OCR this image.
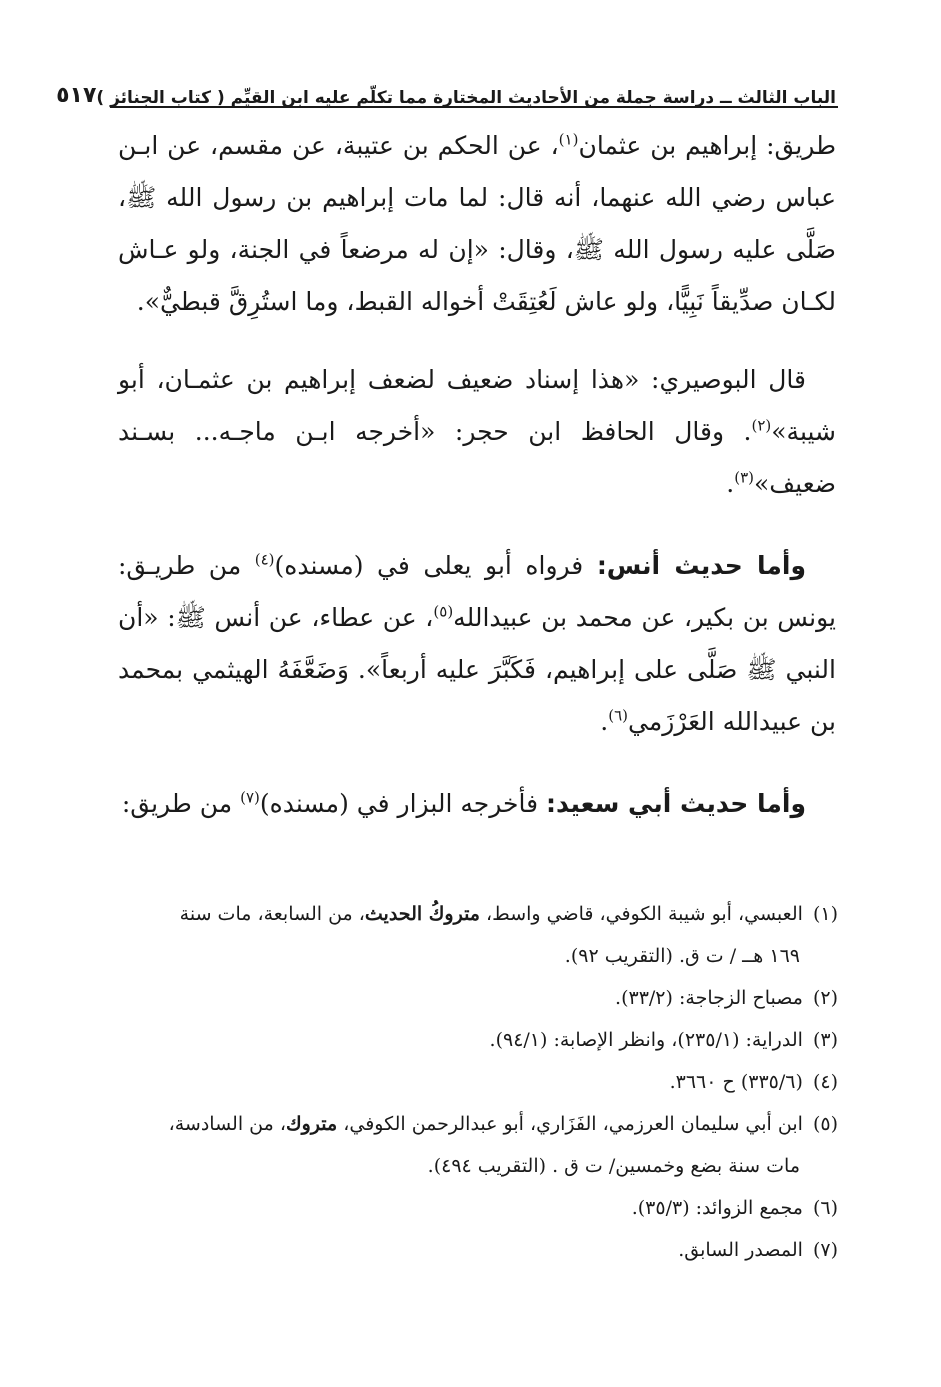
الباب الثالث ــ دراسة جملة من الأحاديث المختارة مما تكلّم عليه ابن القيِّم ( كتاب الجنائز )
٥١٧

طريق: إبراهيم بن عثمان$^{(١)}$، عن الحكم بن عتيبة، عن مقسم، عن ابـن عباس رضي الله عنهما، أنه قال: لما مات إبراهيم بن رسول الله ﷺ، صَلَّى عليه رسول الله ﷺ، وقال: «إن له مرضعاً في الجنة، ولو عـاش لكـان صدِّيقاً نَبِيًّا، ولو عاش لَعُتِقَتْ أخواله القبط، وما استُرِقَّ قبطيٌّ».

قال البوصيري: «هذا إسناد ضعيف لضعف إبراهيم بن عثمـان، أبو شيبة»$^{(٢)}$. وقال الحافظ ابن حجر: «أخرجه ابـن ماجـه... بسـند ضعيف»$^{(٣)}$.

وأما حديث أنس: فرواه أبو يعلى في (مسنده)$^{(٤)}$ من طريـق: يونس بن بكير، عن محمد بن عبيدالله$^{(٥)}$، عن عطاء، عن أنس ﷺ: «أن النبي ﷺ صَلَّى على إبراهيم، فَكَبَّرَ عليه أربعاً». وَضَعَّفَهُ الهيثمي بمحمد بن عبيدالله العَرْزَمي$^{(٦)}$.

وأما حديث أبي سعيد: فأخرجه البزار في (مسنده)$^{(٧)}$ من طريق:

(١) العبسي، أبو شيبة الكوفي، قاضي واسط، متروكُ الحديث، من السابعة، مات سنة
١٦٩ هــ / ت ق. (التقريب ٩٢).

(٢) مصباح الزجاجة: (٣٣/٢).

(٣) الدراية: (٢٣٥/١)، وانظر الإصابة: (٩٤/١).

(٤) (٣٣٥/٦) ح ٣٦٦٠.

(٥) ابن أبي سليمان العرزمي، الفَزَاري، أبو عبدالرحمن الكوفي، متروك، من السادسة،
مات سنة بضع وخمسين/ ت ق . (التقريب ٤٩٤).

(٦) مجمع الزوائد: (٣٥/٣).

(٧) المصدر السابق.
